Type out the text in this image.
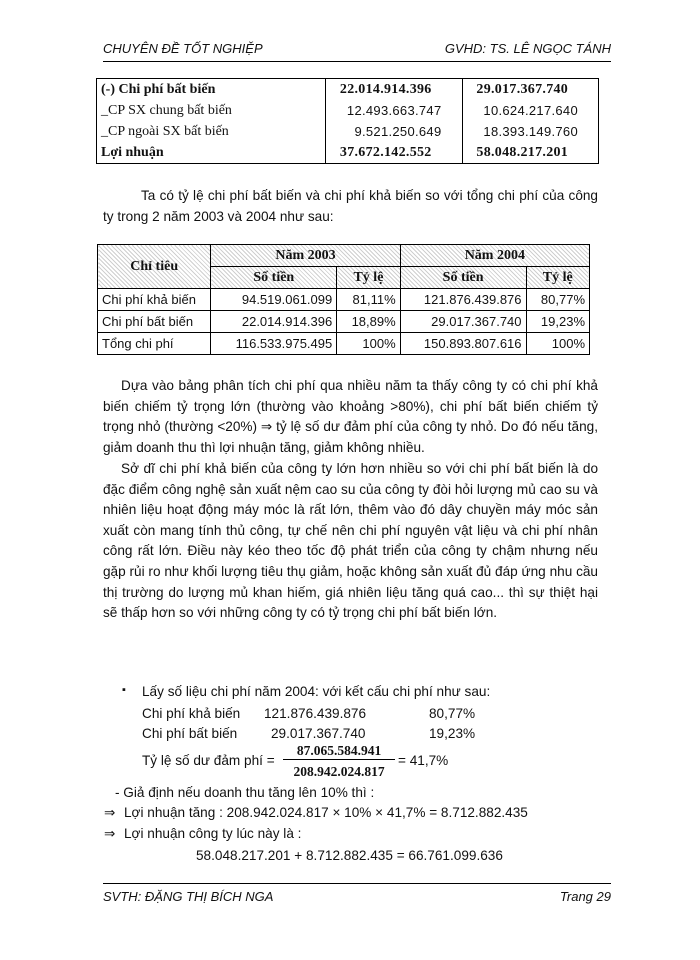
CHUYÊN ĐỀ TỐT NGHIỆP	GVHD: TS. LÊ NGỌC TÁNH
(-) Chi phí bất biến	22.014.914.396	29.017.367.740
_CP SX chung bất biến	12.493.663.747	10.624.217.640
_CP ngoài SX bất biến	9.521.250.649	18.393.149.760
Lợi nhuận	37.672.142.552	58.048.217.201
Ta có tỷ lệ chi phí bất biến và chi phí khả biến so với tổng chi phí của công ty trong 2 năm 2003 và 2004 như sau:
Chỉ tiêu	Năm 2003		Năm 2004	
	Số tiền	Tỷ lệ	Số tiền	Tỷ lệ
Chi phí khả biến	94.519.061.099	81,11%	121.876.439.876	80,77%
Chi phí bất biến	22.014.914.396	18,89%	29.017.367.740	19,23%
Tổng chi phí	116.533.975.495	100%	150.893.807.616	100%
Dựa vào bảng phân tích chi phí qua nhiều năm ta thấy công ty có chi phí khả biến chiếm tỷ trọng lớn (thường vào khoảng >80%), chi phí bất biến chiếm tỷ trọng nhỏ (thường <20%) ⇒ tỷ lệ số dư đảm phí của công ty nhỏ. Do đó nếu tăng, giảm doanh thu thì lợi nhuận tăng, giảm không nhiều.
Sở dĩ chi phí khả biến của công ty lớn hơn nhiều so với chi phí bất biến là do đặc điểm công nghệ sản xuất nệm cao su của công ty đòi hỏi lượng mủ cao su và nhiên liệu hoạt động máy móc là rất lớn, thêm vào đó dây chuyền máy móc sản xuất còn mang tính thủ công, tự chế nên chi phí nguyên vật liệu và chi phí nhân công rất lớn. Điều này kéo theo tốc độ phát triển của công ty chậm nhưng nếu gặp rủi ro như khối lượng tiêu thụ giảm, hoặc không sản xuất đủ đáp ứng nhu cầu thị trường do lượng mủ khan hiếm, giá nhiên liệu tăng quá cao... thì sự thiệt hại sẽ thấp hơn so với những công ty có tỷ trọng chi phí bất biến lớn.
▪ Lấy số liệu chi phí năm 2004: với kết cấu chi phí như sau:
Chi phí khả biến 121.876.439.876	80,77%
Chi phí bất biến 29.017.367.740	19,23%
Tỷ lệ số dư đảm phí =
87.065.584.941
208.942.024.817
= 41,7%
- Giả định nếu doanh thu tăng lên 10% thì :
⇒ Lợi nhuận tăng : 208.942.024.817 × 10% × 41,7% = 8.712.882.435
⇒ Lợi nhuận công ty lúc này là :
58.048.217.201 + 8.712.882.435 = 66.761.099.636
SVTH: ĐẶNG THỊ BÍCH NGA	Trang 29
